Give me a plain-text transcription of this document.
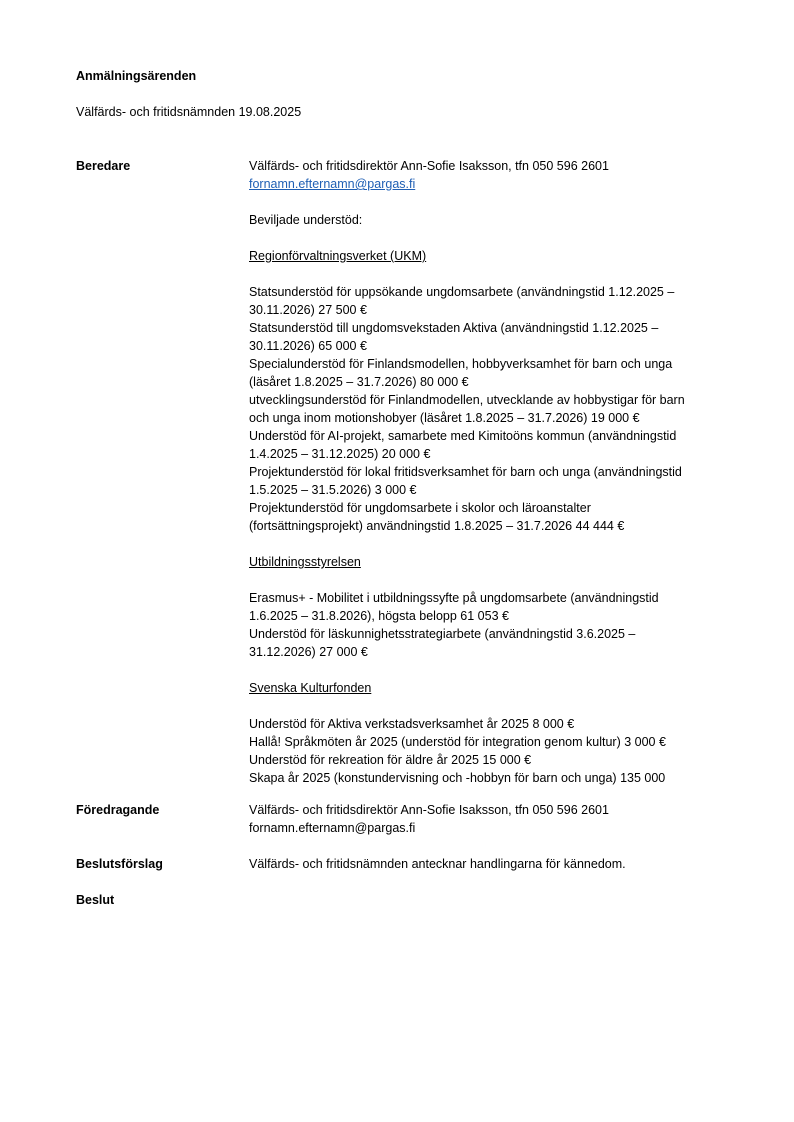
Anmälningsärenden
Välfärds- och fritidsnämnden 19.08.2025
Beredare	Välfärds- och fritidsdirektör Ann-Sofie Isaksson, tfn 050 596 2601
fornamn.efternamn@pargas.fi
Beviljade understöd:
Regionförvaltningsverket (UKM)
Statsunderstöd för uppsökande ungdomsarbete (användningstid 1.12.2025 –
30.11.2026) 27 500 €
Statsunderstöd till ungdomsvekstaden Aktiva (användningstid 1.12.2025 –
30.11.2026) 65 000 €
Specialunderstöd för Finlandsmodellen, hobbyverksamhet för barn och unga
(läsåret 1.8.2025 – 31.7.2026) 80 000 €
utvecklingsunderstöd för Finlandmodellen, utvecklande av hobbystigar för barn
och unga inom motionshobyer (läsåret 1.8.2025 – 31.7.2026) 19 000 €
Understöd för AI-projekt, samarbete med Kimitoöns kommun (användningstid
1.4.2025 – 31.12.2025) 20 000 €
Projektunderstöd för lokal fritidsverksamhet för barn och unga (användningstid
1.5.2025 – 31.5.2026) 3 000 €
Projektunderstöd för ungdomsarbete i skolor och läroanstalter
(fortsättningsprojekt) användningstid 1.8.2025 – 31.7.2026 44 444 €
Utbildningsstyrelsen
Erasmus+ - Mobilitet i utbildningssyfte på ungdomsarbete (användningstid
1.6.2025 – 31.8.2026), högsta belopp 61 053 €
Understöd för läskunnighetsstrategiarbete (användningstid 3.6.2025 –
31.12.2026) 27 000 €
Svenska Kulturfonden
Understöd för Aktiva verkstadsverksamhet år 2025 8 000 €
Hallå! Språkmöten år 2025 (understöd för integration genom kultur) 3 000 €
Understöd för rekreation för äldre år 2025 15 000 €
Skapa år 2025 (konstundervisning och -hobbyn för barn och unga) 135 000
Föredragande	Välfärds- och fritidsdirektör Ann-Sofie Isaksson, tfn 050 596 2601
fornamn.efternamn@pargas.fi
Beslutsförslag	Välfärds- och fritidsnämnden antecknar handlingarna för kännedom.
Beslut
